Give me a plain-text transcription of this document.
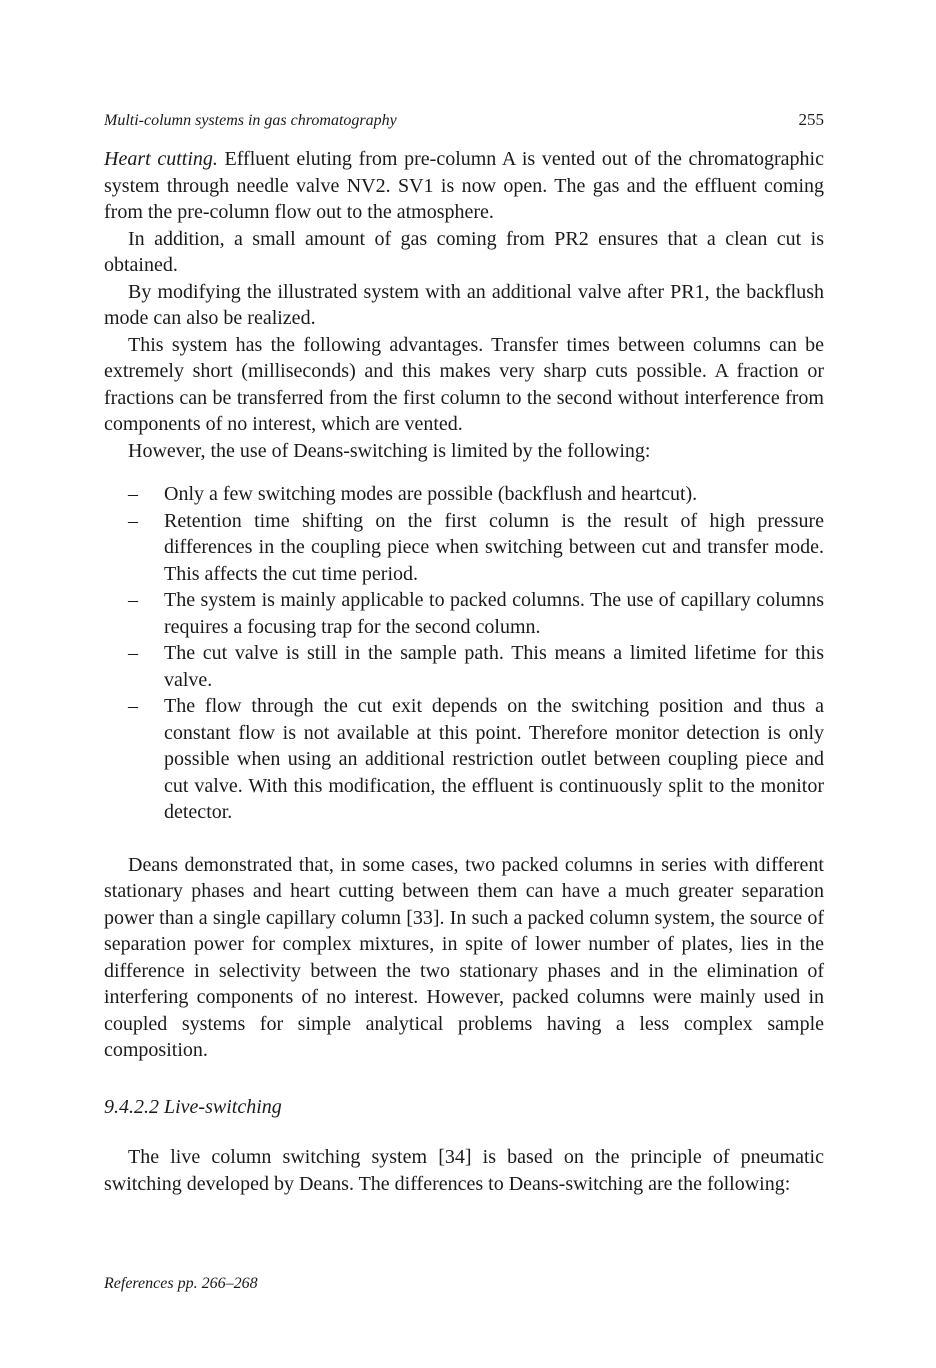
Multi-column systems in gas chromatography	255

Heart cutting. Effluent eluting from pre-column A is vented out of the chromatographic system through needle valve NV2. SV1 is now open. The gas and the effluent coming from the pre-column flow out to the atmosphere.

In addition, a small amount of gas coming from PR2 ensures that a clean cut is obtained.

By modifying the illustrated system with an additional valve after PR1, the backflush mode can also be realized.

This system has the following advantages. Transfer times between columns can be extremely short (milliseconds) and this makes very sharp cuts possible. A fraction or fractions can be transferred from the first column to the second without interference from components of no interest, which are vented.

However, the use of Deans-switching is limited by the following:

– Only a few switching modes are possible (backflush and heartcut).
– Retention time shifting on the first column is the result of high pressure differences in the coupling piece when switching between cut and transfer mode. This affects the cut time period.
– The system is mainly applicable to packed columns. The use of capillary columns requires a focusing trap for the second column.
– The cut valve is still in the sample path. This means a limited lifetime for this valve.
– The flow through the cut exit depends on the switching position and thus a constant flow is not available at this point. Therefore monitor detection is only possible when using an additional restriction outlet between coupling piece and cut valve. With this modification, the effluent is continuously split to the monitor detector.

Deans demonstrated that, in some cases, two packed columns in series with different stationary phases and heart cutting between them can have a much greater separation power than a single capillary column [33]. In such a packed column system, the source of separation power for complex mixtures, in spite of lower number of plates, lies in the difference in selectivity between the two stationary phases and in the elimination of interfering components of no interest. However, packed columns were mainly used in coupled systems for simple analytical problems having a less complex sample composition.

9.4.2.2 Live-switching

The live column switching system [34] is based on the principle of pneumatic switching developed by Deans. The differences to Deans-switching are the following:

References pp. 266–268
